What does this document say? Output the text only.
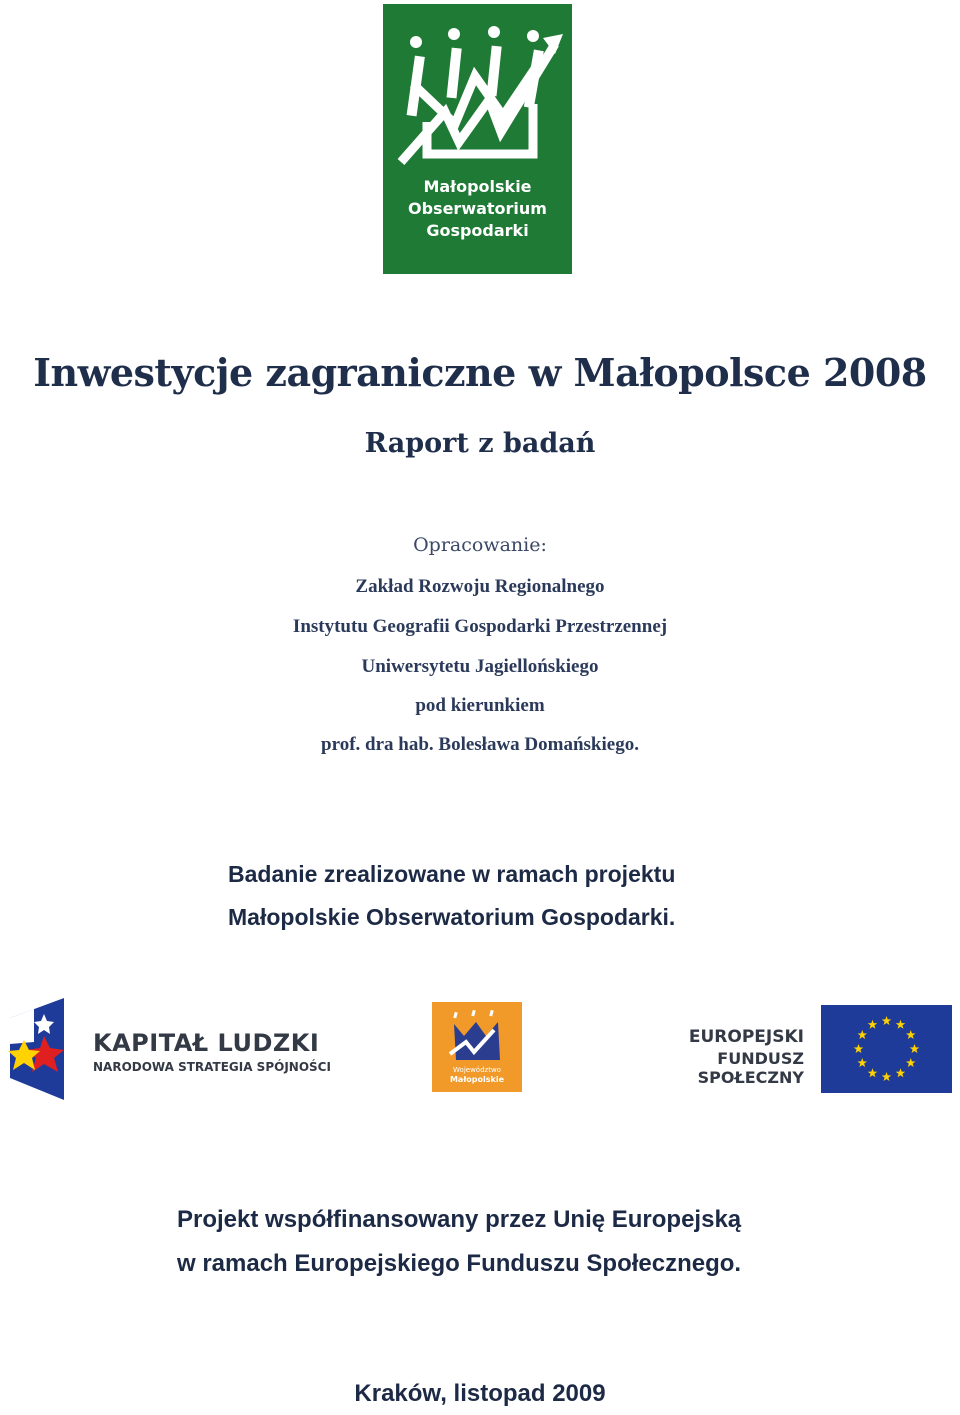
Małopolskie
Obserwatorium
Gospodarki
Inwestycje zagraniczne w Małopolsce 2008
Raport z badań
Opracowanie:
Zakład Rozwoju Regionalnego
Instytutu Geografii Gospodarki Przestrzennej
Uniwersytetu Jagiellońskiego
pod kierunkiem
prof. dra hab. Bolesława Domańskiego.
Badanie zrealizowane w ramach projektu
Małopolskie Obserwatorium Gospodarki.
KAPITAŁ LUDZKI
NARODOWA STRATEGIA SPÓJNOŚCI	Województwo
Małopolskie
EUROPEJSKI
FUNDUSZ SPOŁECZNY
Projekt współfinansowany przez Unię Europejską
w ramach Europejskiego Funduszu Społecznego.
Kraków, listopad 2009
